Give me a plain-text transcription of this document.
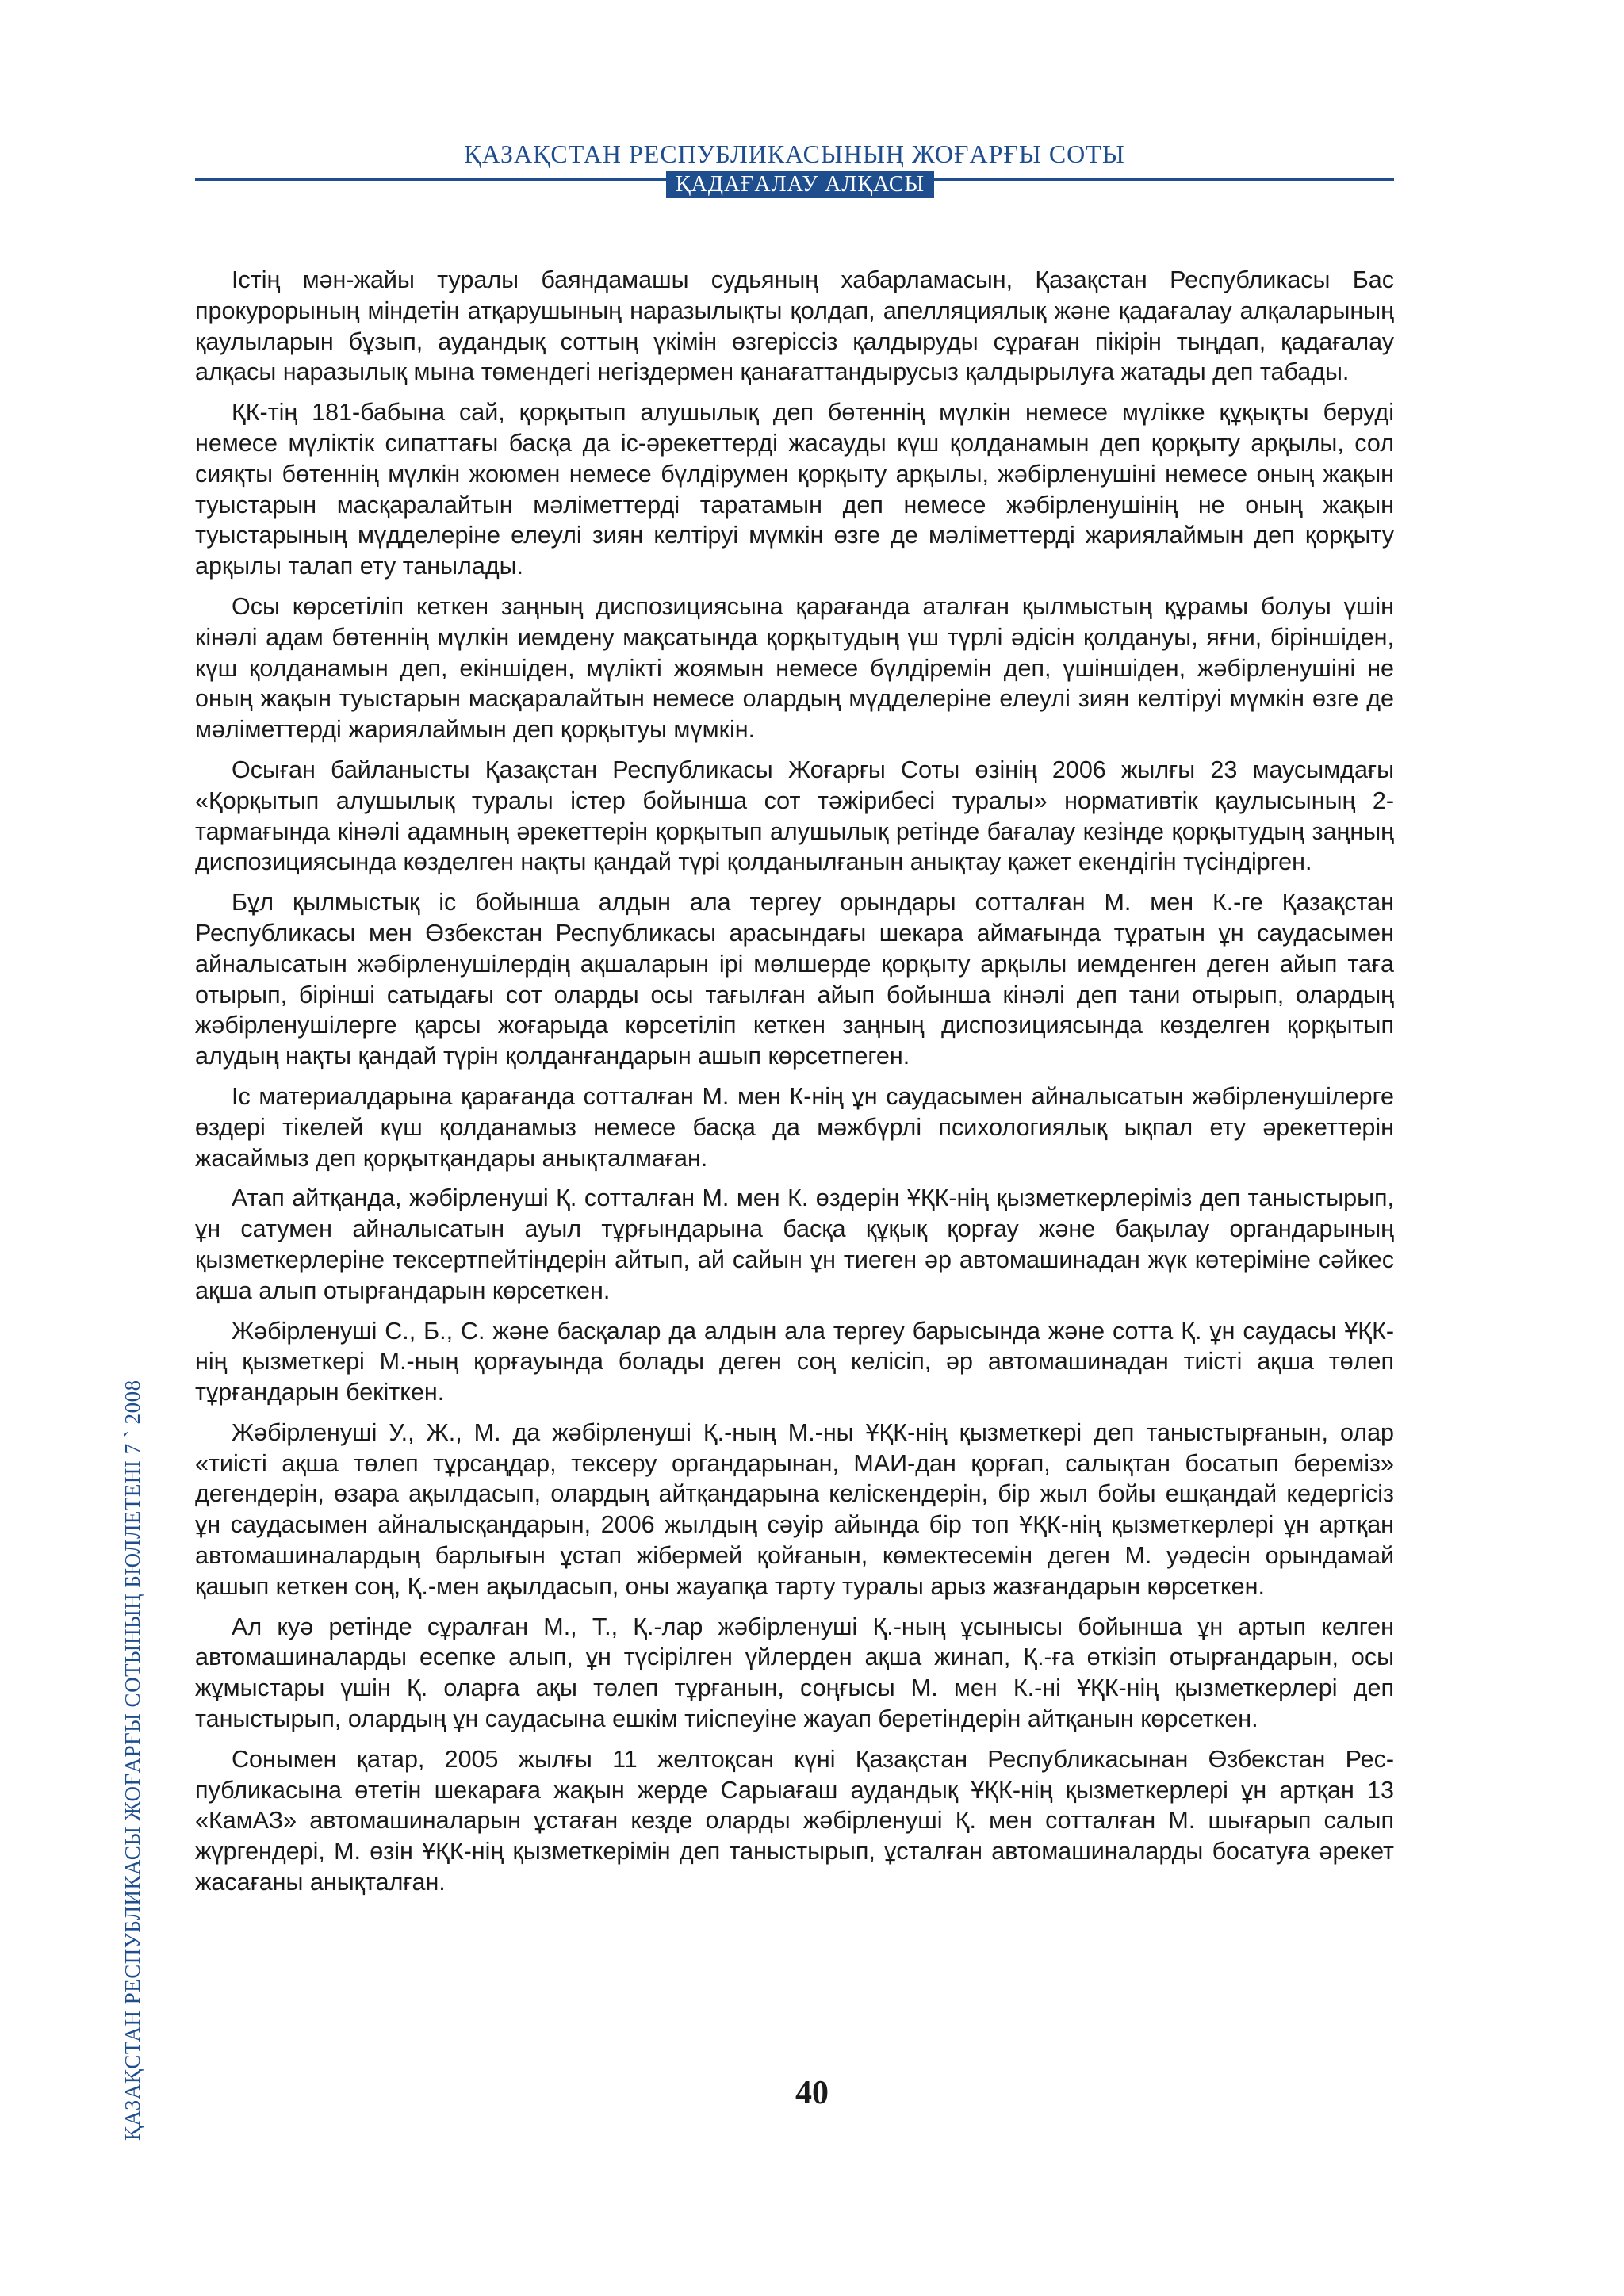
ҚАЗАҚСТАН РЕСПУБЛИКАСЫНЫҢ ЖОҒАРҒЫ СОТЫ
ҚАДАҒАЛАУ АЛҚАСЫ

Істің мән-жайы туралы баяндамашы судьяның хабарламасын, Қазақстан Республикасы Бас прокурорының міндетін атқарушының наразылықты қолдап, апелляциялық және қадағалау алқаларының қаулыларын бұзып, аудандық соттың үкімін өзгеріссіз қалдыруды сұраған пікірін тыңдап, қадағалау алқасы наразылық мына төмендегі негіздермен қанағаттандырусыз қалдырылуға жатады деп табады.

ҚК-тің 181-бабына сай, қорқытып алушылық деп бөтеннің мүлкін немесе мүлікке құқықты беруді немесе мүліктік сипаттағы басқа да іс-әрекеттерді жасауды күш қолданамын деп қорқыту арқылы, сол сияқты бөтеннің мүлкін жоюмен немесе бүлдірумен қорқыту арқылы, жәбірленушіні немесе оның жақын туыстарын масқаралайтын мәліметтерді таратамын деп немесе жәбірленушінің не оның жақын туыстарының мүдделеріне елеулі зиян келтіруі мүмкін өзге де мәліметтерді жариялаймын деп қорқыту арқылы талап ету танылады.

Осы көрсетіліп кеткен заңның диспозициясына қарағанда аталған қылмыстың құрамы болуы үшін кінәлі адам бөтеннің мүлкін иемдену мақсатында қорқытудың үш түрлі әдісін қолдануы, яғни, біріншіден, күш қолданамын деп, екіншіден, мүлікті жоямын немесе бүлдіремін деп, үшіншіден, жәбірленушіні не оның жақын туыстарын масқаралайтын немесе олардың мүдделеріне елеулі зиян келтіруі мүмкін өзге де мәліметтерді жариялаймын деп қорқытуы мүмкін.

Осыған байланысты Қазақстан Республикасы Жоғарғы Соты өзінің 2006 жылғы 23 маусымдағы «Қорқытып алушылық туралы істер бойынша сот тәжірибесі туралы» нормативтік қаулысының 2-тармағында кінәлі адамның әрекеттерін қорқытып алушылық ретінде бағалау кезінде қорқытудың заңның диспозициясында көзделген нақты қандай түрі қолданылғанын анықтау қажет екендігін түсіндірген.

Бұл қылмыстық іс бойынша алдын ала тергеу орындары сотталған М. мен К.-ге Қазақстан Республикасы мен Өзбекстан Республикасы арасындағы шекара аймағында тұратын ұн саудасымен айналысатын жәбірленушілердің ақшаларын ірі мөлшерде қорқыту арқылы иемденген деген айып таға отырып, бірінші сатыдағы сот оларды осы тағылған айып бойынша кінәлі деп тани отырып, олардың жәбірленушілерге қарсы жоғарыда көрсетіліп кеткен заңның диспозициясында көзделген қорқытып алудың нақты қандай түрін қолданғандарын ашып көрсетпеген.

Іс материалдарына қарағанда сотталған М. мен К-нің ұн саудасымен айналысатын жәбірленушілерге өздері тікелей күш қолданамыз немесе басқа да мәжбүрлі психологиялық ықпал ету әрекеттерін жасаймыз деп қорқытқандары анықталмаған.

Атап айтқанда, жәбірленуші Қ. сотталған М. мен К. өздерін ҰҚК-нің қызметкерлеріміз деп таныстырып, ұн сатумен айналысатын ауыл тұрғындарына басқа құқық қорғау және бақылау органдарының қызметкерлеріне тексертпейтіндерін айтып, ай сайын ұн тиеген әр автомашинадан жүк көтеріміне сәйкес ақша алып отырғандарын көрсеткен.

Жәбірленуші С., Б., С. және басқалар да алдын ала тергеу барысында және сотта Қ. ұн саудасы ҰҚК-нің қызметкері М.-ның қорғауында болады деген соң келісіп, әр автомашинадан тиісті ақша төлеп тұрғандарын бекіткен.

Жәбірленуші У., Ж., М. да жәбірленуші Қ.-ның М.-ны ҰҚК-нің қызметкері деп таныстырғанын, олар «тиісті ақша төлеп тұрсаңдар, тексеру органдарынан, МАИ-дан қорғап, салықтан босатып береміз» дегендерін, өзара ақылдасып, олардың айтқандарына келіскендерін, бір жыл бойы ешқандай кедергісіз ұн саудасымен айналысқандарын, 2006 жылдың сәуір айында бір топ ҰҚК-нің қызметкерлері ұн артқан автомашиналардың барлығын ұстап жібермей қойғанын, көмектесемін деген М. уәдесін орындамай қашып кеткен соң, Қ.-мен ақылдасып, оны жауапқа тарту туралы арыз жазғандарын көрсеткен.

Ал куә ретінде сұралған М., Т., Қ.-лар жәбірленуші Қ.-ның ұсынысы бойынша ұн артып келген автомашиналарды есепке алып, ұн түсірілген үйлерден ақша жинап, Қ.-ға өткізіп отырғандарын, осы жұмыстары үшін Қ. оларға ақы төлеп тұрғанын, соңғысы М. мен К.-ні ҰҚК-нің қызметкерлері деп таныстырып, олардың ұн саудасына ешкім тиіспеуіне жауап беретіндерін айтқанын көрсеткен.

Сонымен қатар, 2005 жылғы 11 желтоқсан күні Қазақстан Республикасынан Өзбекстан Республикасына өтетін шекараға жақын жерде Сарыағаш аудандық ҰҚК-нің қызметкерлері ұн артқан 13 «КамАЗ» автомашиналарын ұстаған кезде оларды жәбірленуші Қ. мен сотталған М. шығарып салып жүргендері, М. өзін ҰҚК-нің қызметкерімін деп таныстырып, ұсталған автомашиналарды босатуға әрекет жасағаны анықталған.

ҚАЗАҚСТАН РЕСПУБЛИКАСЫ ЖОҒАРҒЫ СОТЫНЫҢ БЮЛЛЕТЕНІ 7 ` 2008	40
